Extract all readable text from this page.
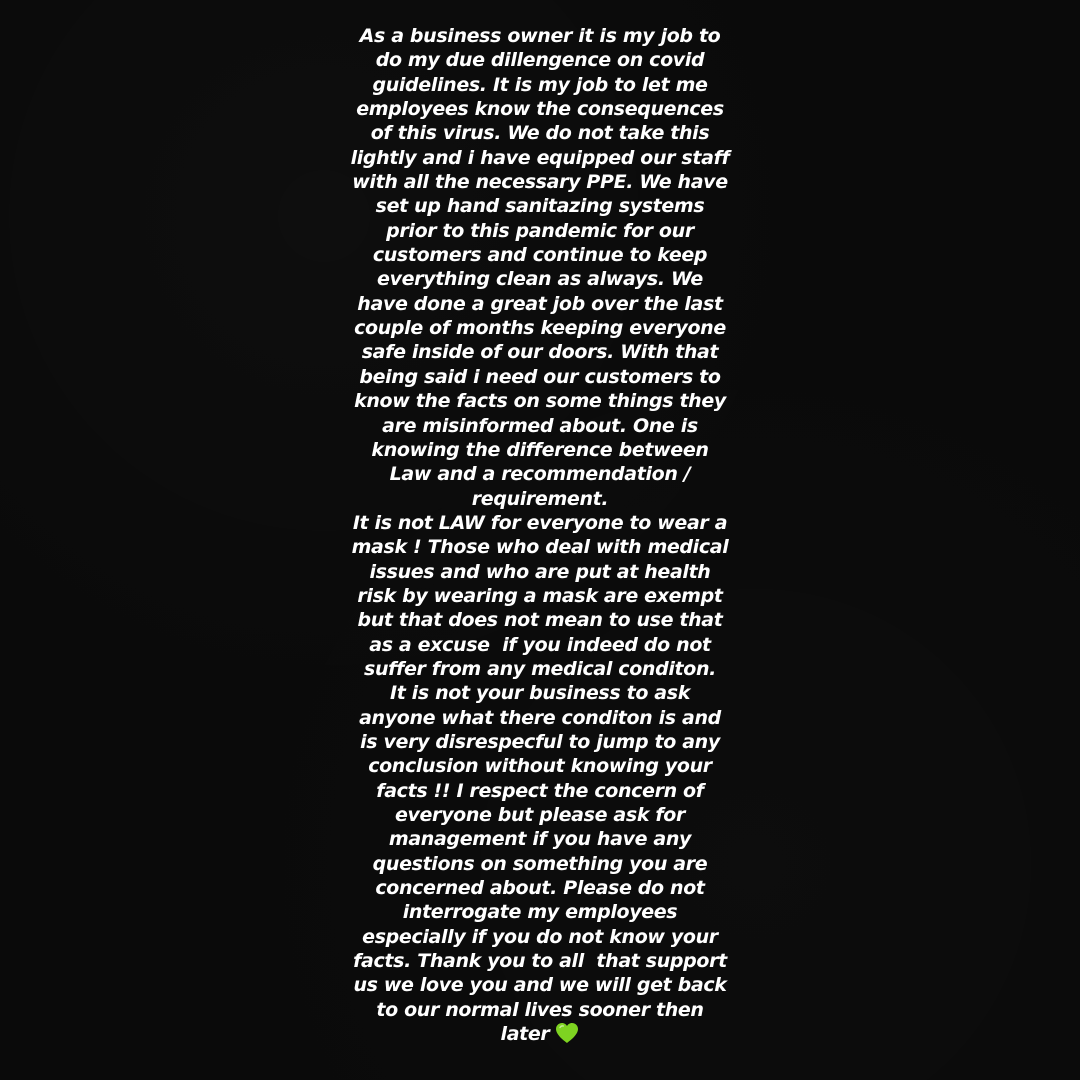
As a business owner it is my job to
do my due dillengence on covid
guidelines. It is my job to let me
employees know the consequences
of this virus. We do not take this
lightly and i have equipped our staff
with all the necessary PPE. We have
set up hand sanitazing systems
prior to this pandemic for our
customers and continue to keep
everything clean as always. We
have done a great job over the last
couple of months keeping everyone
safe inside of our doors. With that
being said i need our customers to
know the facts on some things they
are misinformed about. One is
knowing the difference between
Law and a recommendation /
requirement.
It is not LAW for everyone to wear a
mask ! Those who deal with medical
issues and who are put at health
risk by wearing a mask are exempt
but that does not mean to use that
as a excuse  if you indeed do not
suffer from any medical conditon.
It is not your business to ask
anyone what there conditon is and
is very disrespecful to jump to any
conclusion without knowing your
facts !! I respect the concern of
everyone but please ask for
management if you have any
questions on something you are
concerned about. Please do not
interrogate my employees
especially if you do not know your
facts. Thank you to all  that support
us we love you and we will get back
to our normal lives sooner then
later
